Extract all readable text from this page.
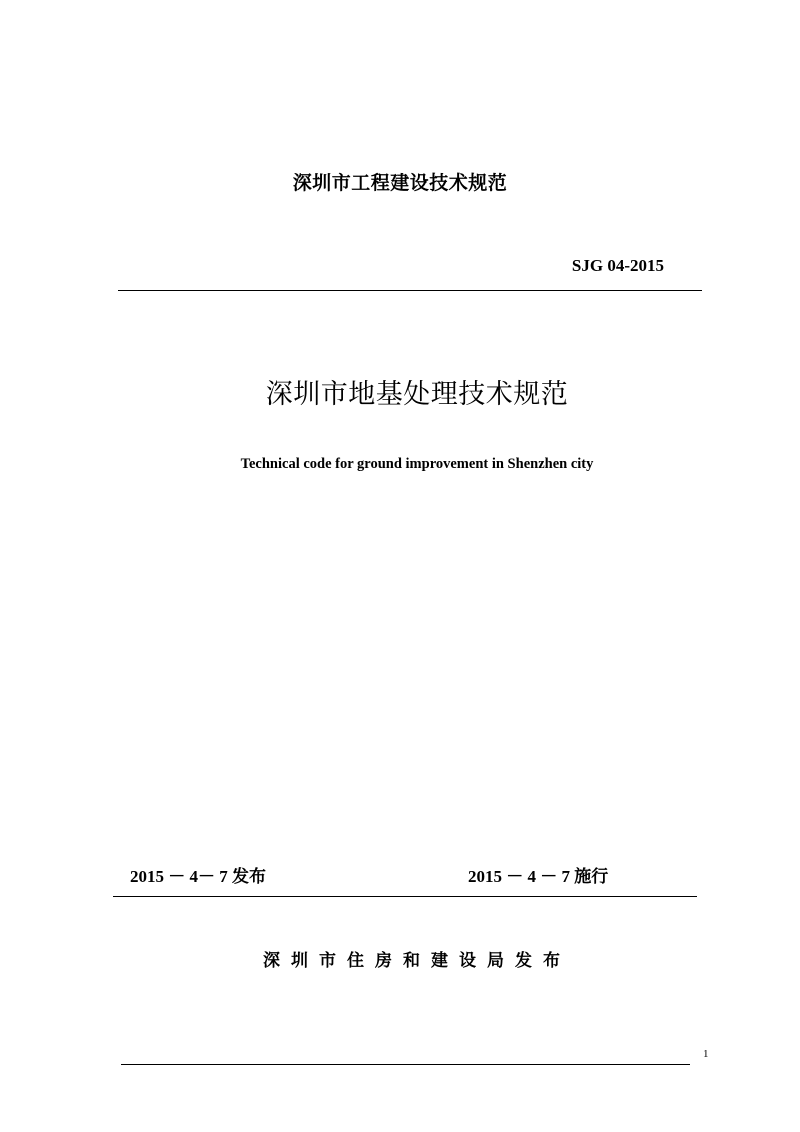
深圳市工程建设技术规范
SJG 04-2015
深圳市地基处理技术规范
Technical code for ground improvement in Shenzhen city
2015 － 4－ 7 发布	2015 － 4 － 7 施行
深圳市住房和建设局发布
1
